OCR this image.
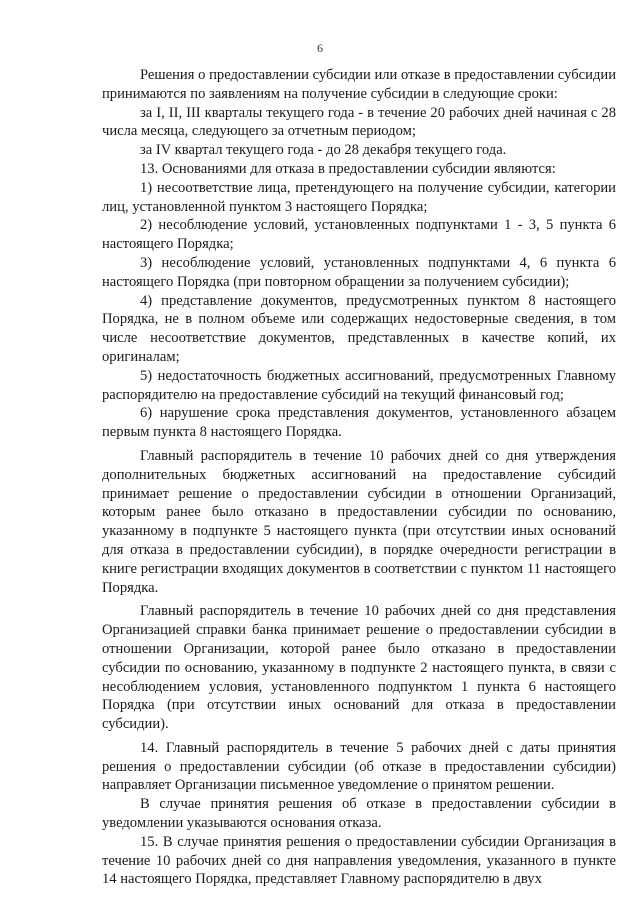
6

Решения о предоставлении субсидии или отказе в предоставлении субсидии принимаются по заявлениям на получение субсидии в следующие сроки:

за I, II, III кварталы текущего года - в течение 20 рабочих дней начиная с 28 числа месяца, следующего за отчетным периодом;

за IV квартал текущего года - до 28 декабря текущего года.

13. Основаниями для отказа в предоставлении субсидии являются:

1) несоответствие лица, претендующего на получение субсидии, категории лиц, установленной пунктом 3 настоящего Порядка;

2) несоблюдение условий, установленных подпунктами 1 - 3, 5 пункта 6 настоящего Порядка;

3) несоблюдение условий, установленных подпунктами 4, 6 пункта 6 настоящего Порядка (при повторном обращении за получением субсидии);

4) представление документов, предусмотренных пунктом 8 настоящего Порядка, не в полном объеме или содержащих недостоверные сведения, в том числе несоответствие документов, представленных в качестве копий, их оригиналам;

5) недостаточность бюджетных ассигнований, предусмотренных Главному распорядителю на предоставление субсидий на текущий финансовый год;

6) нарушение срока представления документов, установленного абзацем первым пункта 8 настоящего Порядка.

Главный распорядитель в течение 10 рабочих дней со дня утверждения дополнительных бюджетных ассигнований на предоставление субсидий принимает решение о предоставлении субсидии в отношении Организаций, которым ранее было отказано в предоставлении субсидии по основанию, указанному в подпункте 5 настоящего пункта (при отсутствии иных оснований для отказа в предоставлении субсидии), в порядке очередности регистрации в книге регистрации входящих документов в соответствии с пунктом 11 настоящего Порядка.

Главный распорядитель в течение 10 рабочих дней со дня представления Организацией справки банка принимает решение о предоставлении субсидии в отношении Организации, которой ранее было отказано в предоставлении субсидии по основанию, указанному в подпункте 2 настоящего пункта, в связи с несоблюдением условия, установленного подпунктом 1 пункта 6 настоящего Порядка (при отсутствии иных оснований для отказа в предоставлении субсидии).

14. Главный распорядитель в течение 5 рабочих дней с даты принятия решения о предоставлении субсидии (об отказе в предоставлении субсидии) направляет Организации письменное уведомление о принятом решении.

В случае принятия решения об отказе в предоставлении субсидии в уведомлении указываются основания отказа.

15. В случае принятия решения о предоставлении субсидии Организация в течение 10 рабочих дней со дня направления уведомления, указанного в пункте 14 настоящего Порядка, представляет Главному распорядителю в двух
